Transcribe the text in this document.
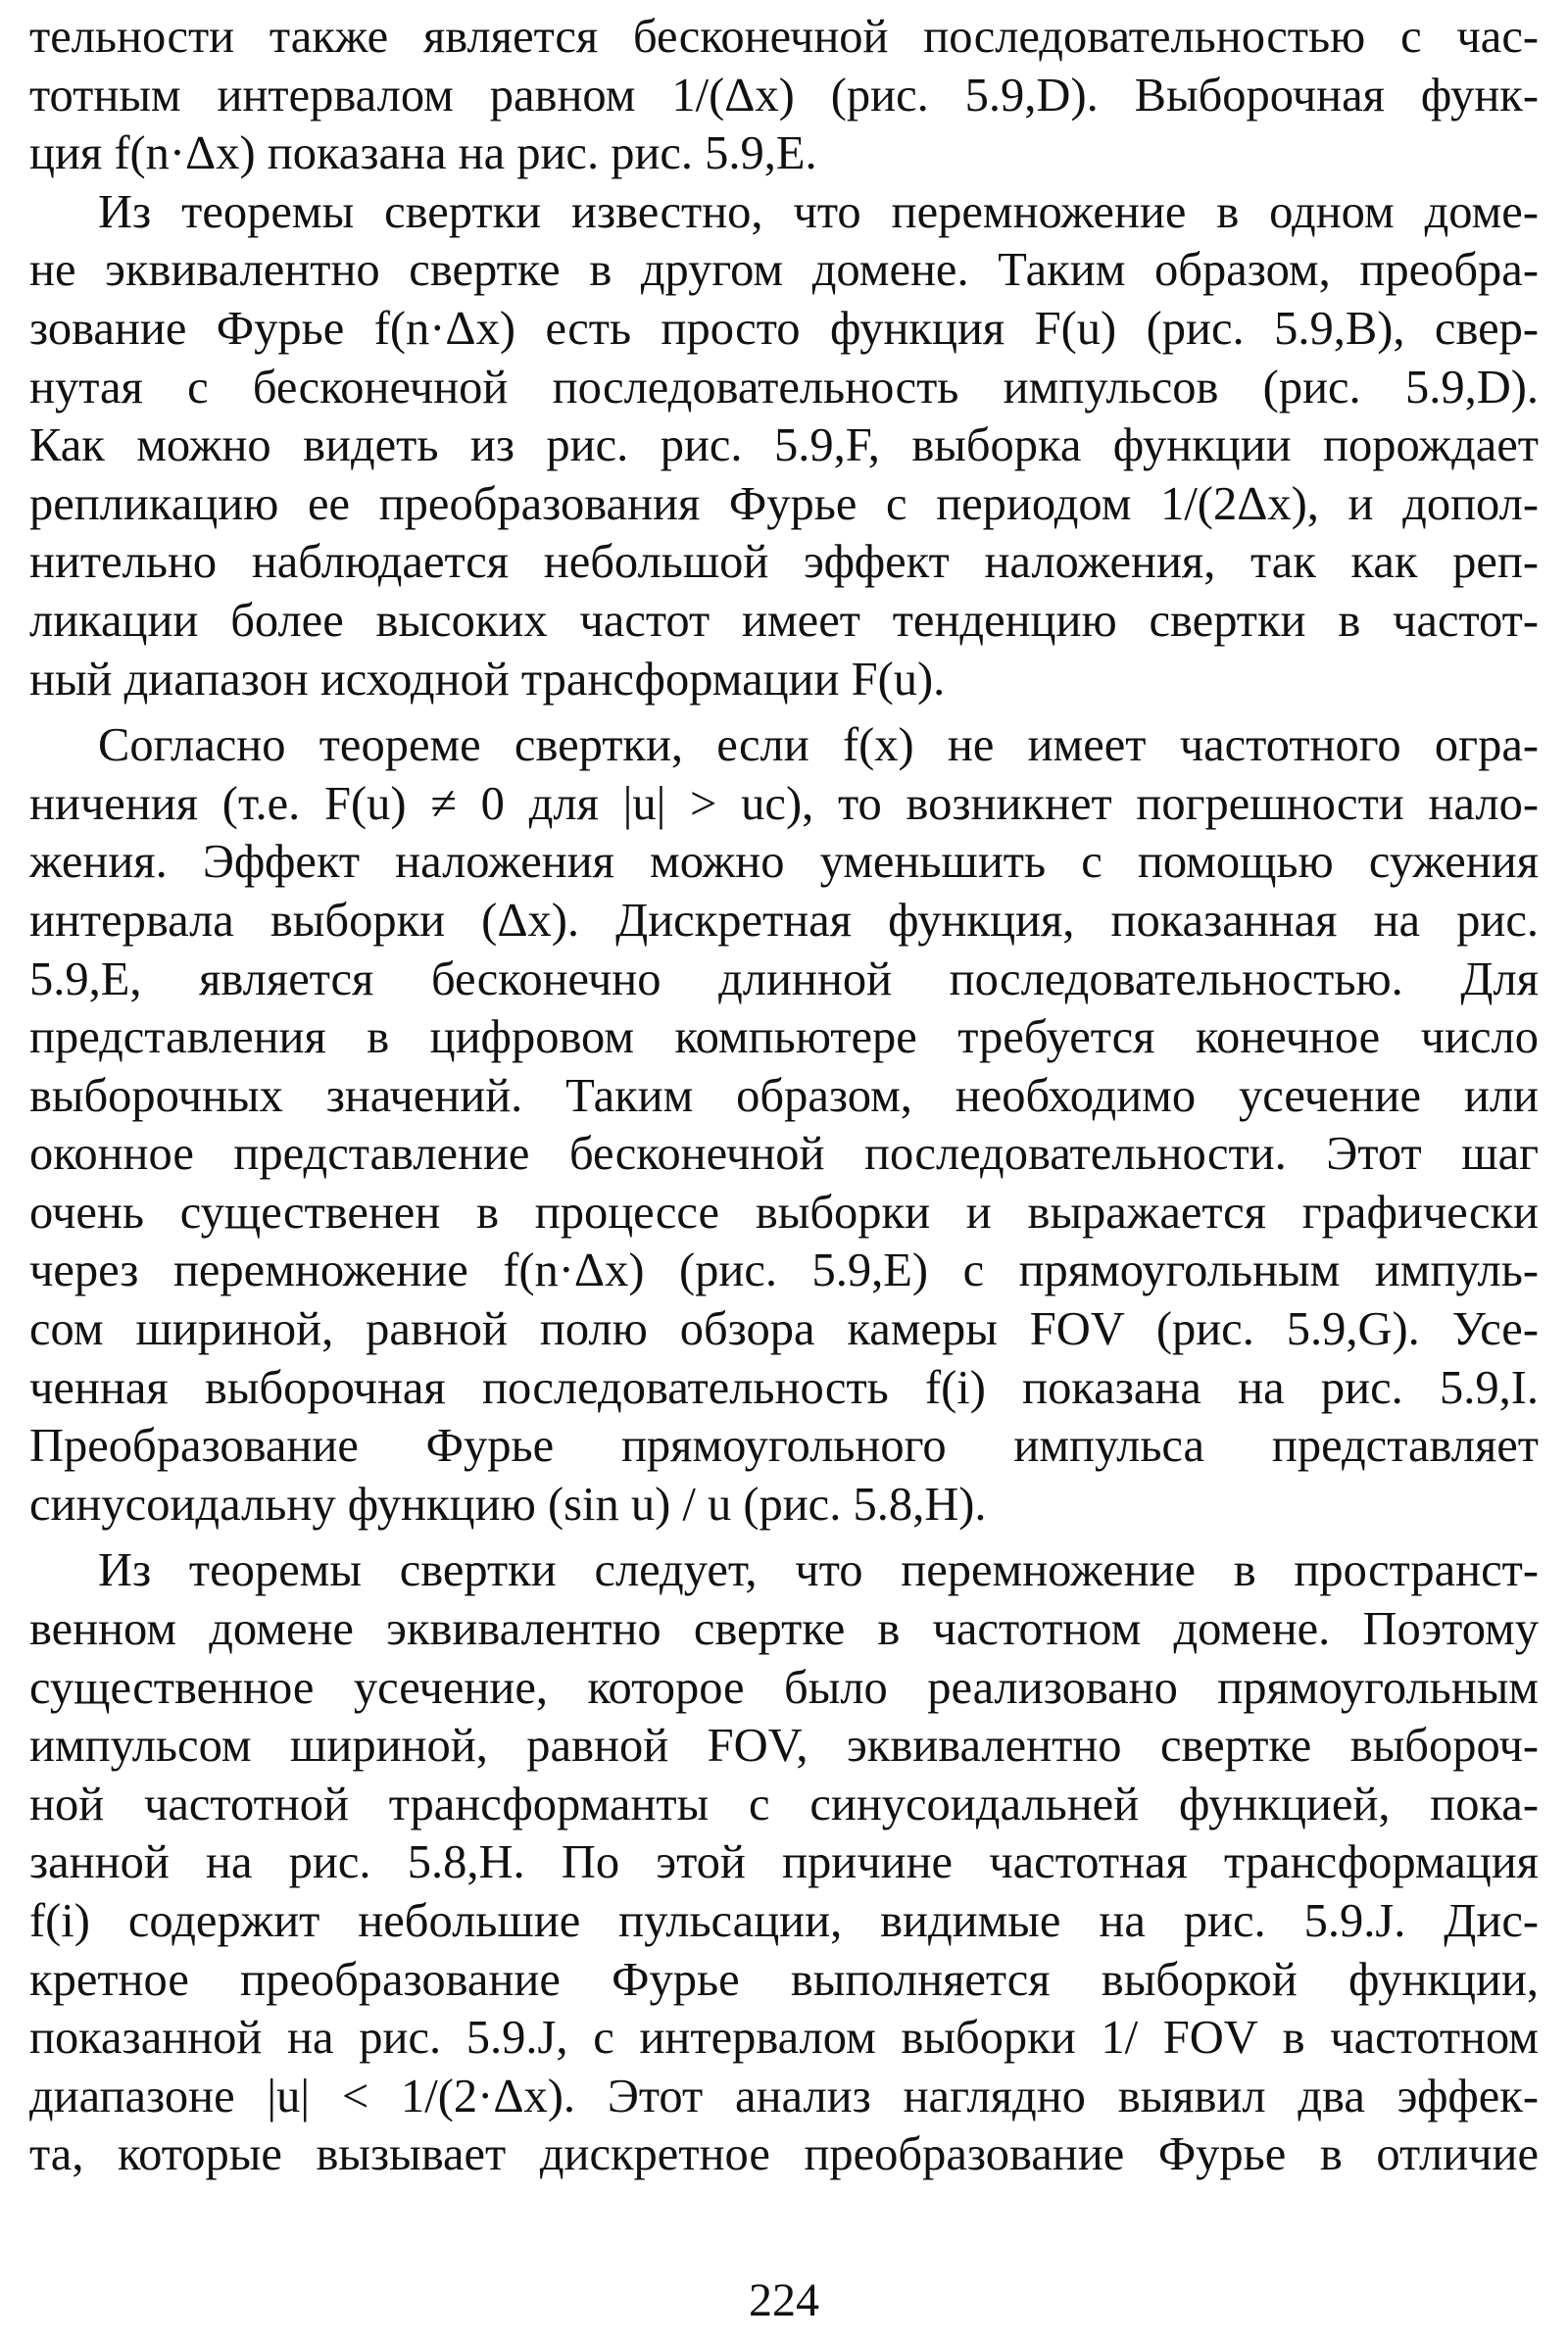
тельности также является бесконечной последовательностью с час-
тотным интервалом равном 1/(Δx) (рис. 5.9,D). Выборочная функ-
ция f(n·Δx) показана на рис. рис. 5.9,E.

Из теоремы свертки известно, что перемножение в одном доме-
не эквивалентно свертке в другом домене. Таким образом, преобра-
зование Фурье f(n·Δx) есть просто функция F(u) (рис. 5.9,B), свер-
нутая с бесконечной последовательность импульсов (рис. 5.9,D).
Как можно видеть из рис. рис. 5.9,F, выборка функции порождает
репликацию ее преобразования Фурье с периодом 1/(2Δx), и допол-
нительно наблюдается небольшой эффект наложения, так как реп-
ликации более высоких частот имеет тенденцию свертки в частот-
ный диапазон исходной трансформации F(u).

Согласно теореме свертки, если f(x) не имеет частотного огра-
ничения (т.е. F(u) ≠ 0 для |u| > uc), то возникнет погрешности нало-
жения. Эффект наложения можно уменьшить с помощью сужения
интервала выборки (Δx). Дискретная функция, показанная на рис.
5.9,E, является бесконечно длинной последовательностью. Для
представления в цифровом компьютере требуется конечное число
выборочных значений. Таким образом, необходимо усечение или
оконное представление бесконечной последовательности. Этот шаг
очень существенен в процессе выборки и выражается графически
через перемножение f(n·Δx) (рис. 5.9,E) с прямоугольным импуль-
сом шириной, равной полю обзора камеры FOV (рис. 5.9,G). Усе-
ченная выборочная последовательность f(i) показана на рис. 5.9,I.
Преобразование Фурье прямоугольного импульса представляет
синусоидальну функцию (sin u) / u (рис. 5.8,H).

Из теоремы свертки следует, что перемножение в пространст-
венном домене эквивалентно свертке в частотном домене. Поэтому
существенное усечение, которое было реализовано прямоугольным
импульсом шириной, равной FOV, эквивалентно свертке выбороч-
ной частотной трансформанты с синусоидальней функцией, пока-
занной на рис. 5.8,H. По этой причине частотная трансформация
f(i) содержит небольшие пульсации, видимые на рис. 5.9.J. Дис-
кретное преобразование Фурье выполняется выборкой функции,
показанной на рис. 5.9.J, с интервалом выборки 1/ FOV в частотном
диапазоне |u| < 1/(2·Δx). Этот анализ наглядно выявил два эффек-
та, которые вызывает дискретное преобразование Фурье в отличие

224
